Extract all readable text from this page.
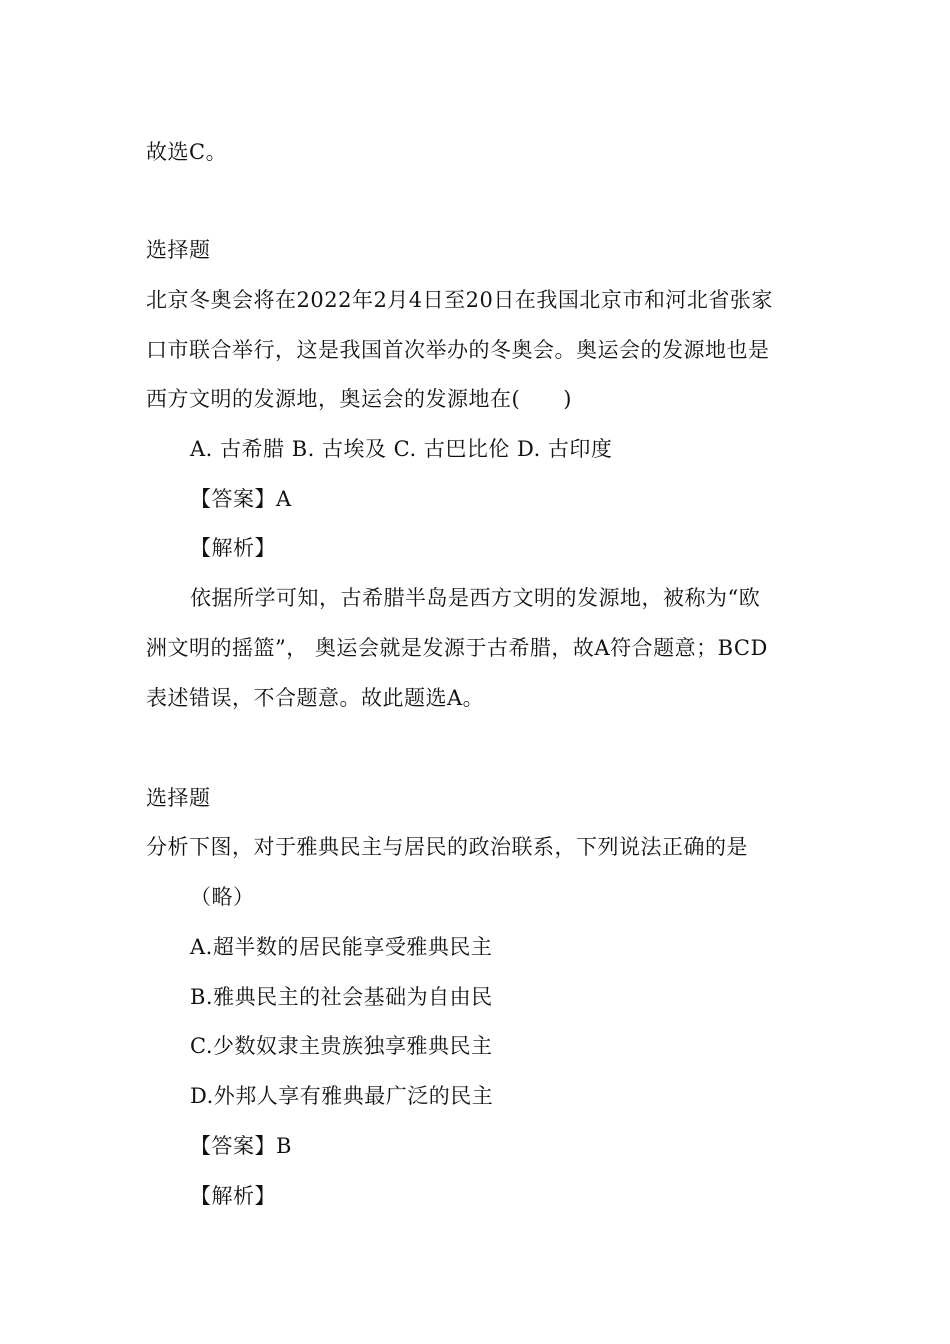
故选C。
选择题
北京冬奥会将在2022年2月4日至20日在我国北京市和河北省张家
口市联合举行，这是我国首次举办的冬奥会。奥运会的发源地也是
西方文明的发源地，奥运会的发源地在(　　)
A. 古希腊 B. 古埃及 C. 古巴比伦 D. 古印度
【答案】A
【解析】
依据所学可知，古希腊半岛是西方文明的发源地，被称为“欧
洲文明的摇篮”， 奥运会就是发源于古希腊，故A符合题意；BCD
表述错误，不合题意。故此题选A。
选择题
分析下图，对于雅典民主与居民的政治联系，下列说法正确的是
（略）
A.超半数的居民能享受雅典民主
B.雅典民主的社会基础为自由民
C.少数奴隶主贵族独享雅典民主
D.外邦人享有雅典最广泛的民主
【答案】B
【解析】
